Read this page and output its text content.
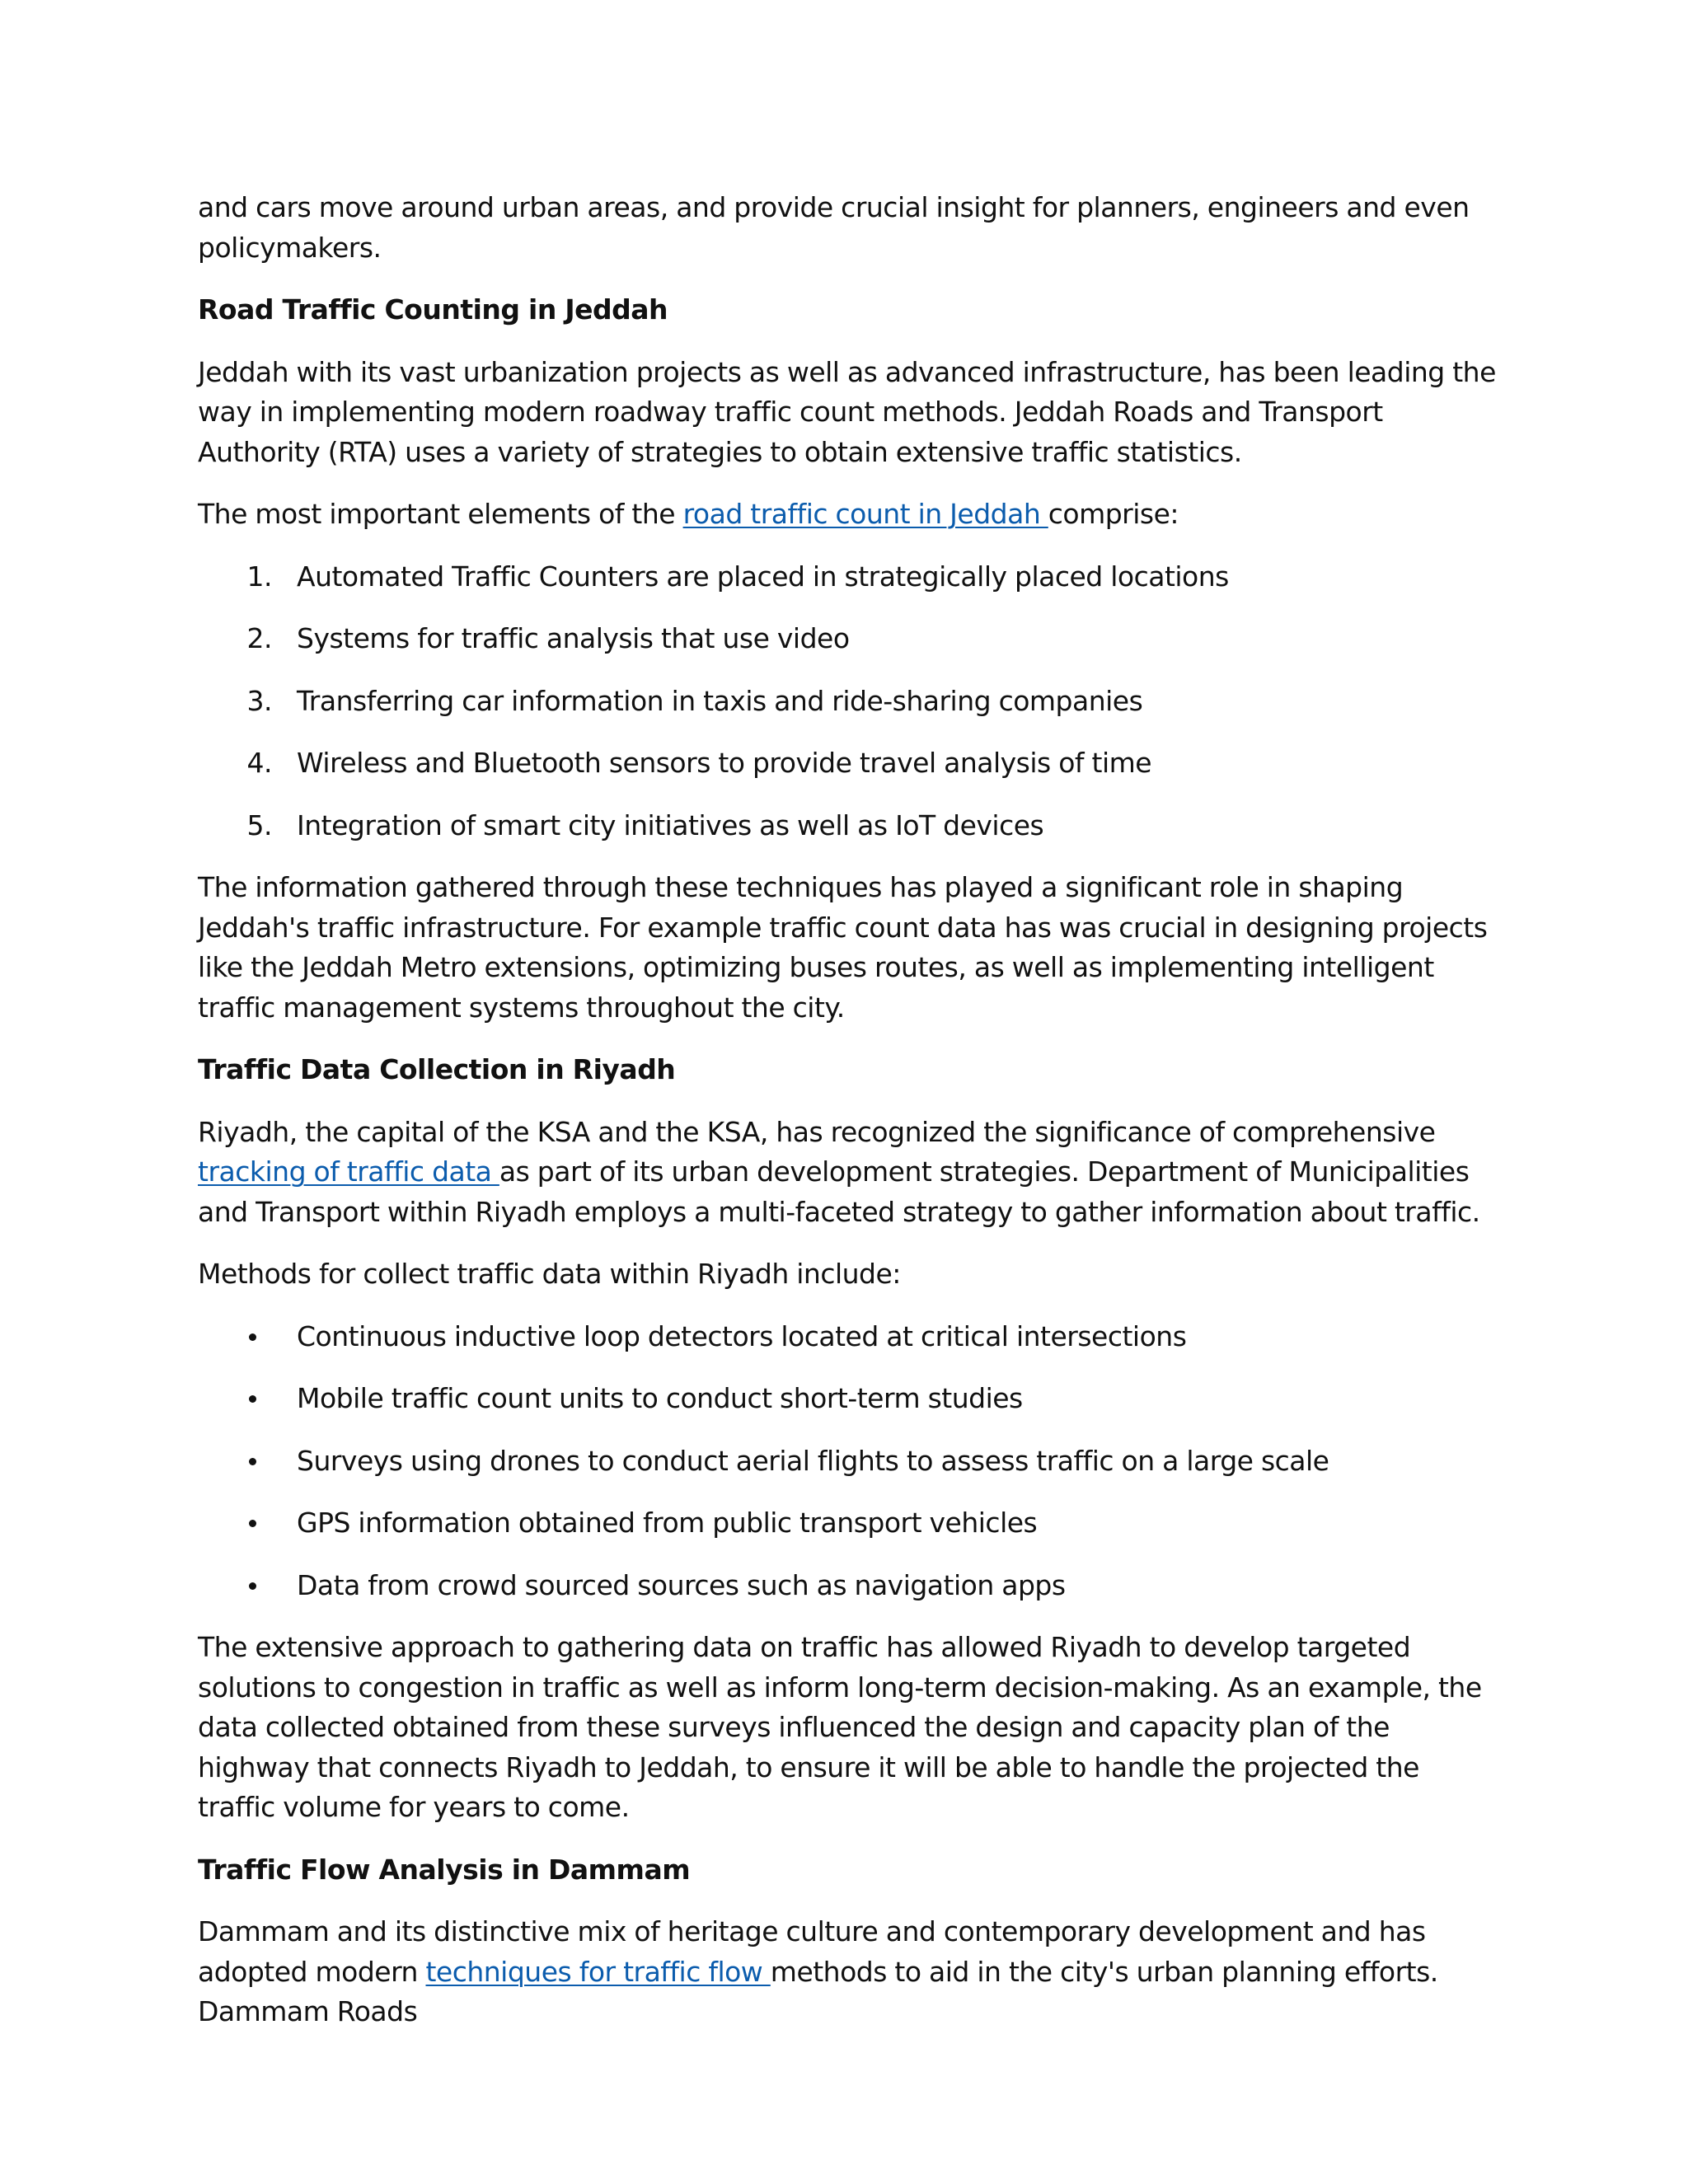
and cars move around urban areas, and provide crucial insight for planners, engineers and even policymakers.

Road Traffic Counting in Jeddah

Jeddah with its vast urbanization projects as well as advanced infrastructure, has been leading the way in implementing modern roadway traffic count methods. Jeddah Roads and Transport Authority (RTA) uses a variety of strategies to obtain extensive traffic statistics.

The most important elements of the road traffic count in Jeddah comprise:

1. Automated Traffic Counters are placed in strategically placed locations
2. Systems for traffic analysis that use video
3. Transferring car information in taxis and ride-sharing companies
4. Wireless and Bluetooth sensors to provide travel analysis of time
5. Integration of smart city initiatives as well as IoT devices

The information gathered through these techniques has played a significant role in shaping Jeddah's traffic infrastructure. For example traffic count data has was crucial in designing projects like the Jeddah Metro extensions, optimizing buses routes, as well as implementing intelligent traffic management systems throughout the city.

Traffic Data Collection in Riyadh

Riyadh, the capital of the KSA and the KSA, has recognized the significance of comprehensive tracking of traffic data as part of its urban development strategies. Department of Municipalities and Transport within Riyadh employs a multi-faceted strategy to gather information about traffic.

Methods for collect traffic data within Riyadh include:

Continuous inductive loop detectors located at critical intersections
Mobile traffic count units to conduct short-term studies
Surveys using drones to conduct aerial flights to assess traffic on a large scale
GPS information obtained from public transport vehicles
Data from crowd sourced sources such as navigation apps

The extensive approach to gathering data on traffic has allowed Riyadh to develop targeted solutions to congestion in traffic as well as inform long-term decision-making. As an example, the data collected obtained from these surveys influenced the design and capacity plan of the highway that connects Riyadh to Jeddah, to ensure it will be able to handle the projected the traffic volume for years to come.

Traffic Flow Analysis in Dammam

Dammam and its distinctive mix of heritage culture and contemporary development and has adopted modern techniques for traffic flow methods to aid in the city's urban planning efforts. Dammam Roads
